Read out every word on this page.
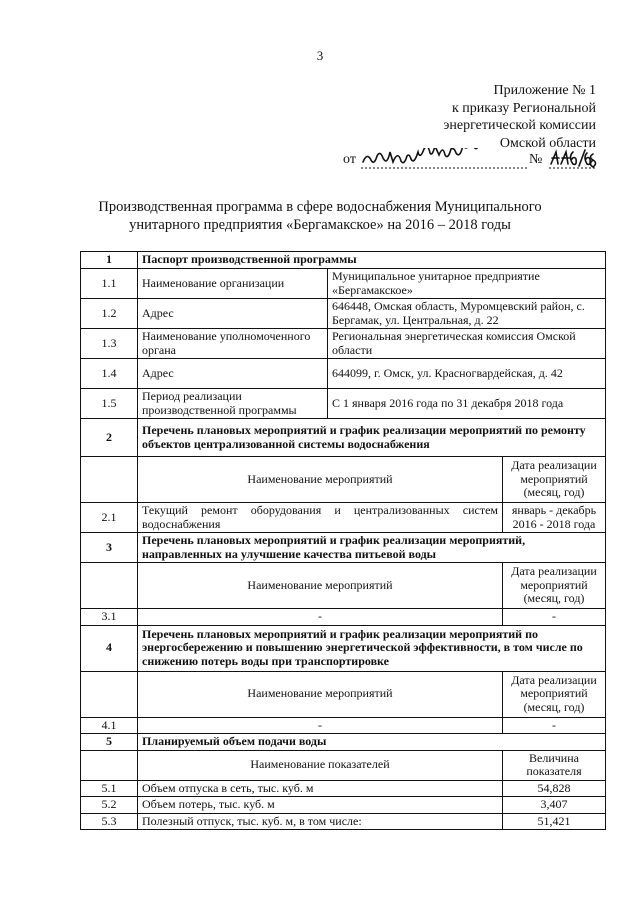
3
Приложение № 1
к приказу Региональной
энергетической комиссии
Омской области
от	№
Производственная программа в сфере водоснабжения Муниципального
унитарного предприятия «Бергамакское» на 2016 – 2018 годы
1	Паспорт производственной программы		
1.1	Наименование организации	Муниципальное унитарное предприятие «Бергамакское»	
1.2	Адрес	646448, Омская область, Муромцевский район, с. Бергамак, ул. Центральная, д. 22	
1.3	Наименование уполномоченного органа	Региональная энергетическая комиссия Омской области	
1.4	Адрес	644099, г. Омск, ул. Красногвардейская, д. 42	
1.5	Период реализации производственной программы	С 1 января 2016 года по 31 декабря 2018 года	
2	Перечень плановых мероприятий и график реализации мероприятий по ремонту объектов централизованной системы водоснабжения		
	Наименование мероприятий		Дата реализации мероприятий (месяц, год)
2.1	Текущий ремонт оборудования и централизованных систем водоснабжения		январь - декабрь 2016 - 2018 года
3	Перечень плановых мероприятий и график реализации мероприятий, направленных на улучшение качества питьевой воды		
	Наименование мероприятий		Дата реализации мероприятий (месяц, год)
3.1	-		-
4	Перечень плановых мероприятий и график реализации мероприятий по энергосбережению и повышению энергетической эффективности, в том числе по снижению потерь воды при транспортировке		
	Наименование мероприятий		Дата реализации мероприятий (месяц, год)
4.1	-		-
5	Планируемый объем подачи воды		
	Наименование показателей		Величина показателя
5.1	Объем отпуска в сеть, тыс. куб. м		54,828
5.2	Объем потерь, тыс. куб. м		3,407
5.3	Полезный отпуск, тыс. куб. м, в том числе:		51,421
